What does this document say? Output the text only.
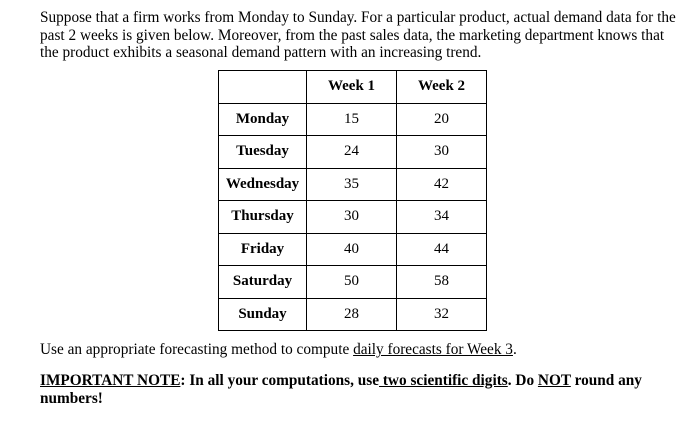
Suppose that a firm works from Monday to Sunday. For a particular product, actual demand data for the past 2 weeks is given below. Moreover, from the past sales data, the marketing department knows that the product exhibits a seasonal demand pattern with an increasing trend.

	Week 1	Week 2
Monday	15	20
Tuesday	24	30
Wednesday	35	42
Thursday	30	34
Friday	40	44
Saturday	50	58
Sunday	28	32

Use an appropriate forecasting method to compute daily forecasts for Week 3.

IMPORTANT NOTE: In all your computations, use two scientific digits. Do NOT round any numbers!
